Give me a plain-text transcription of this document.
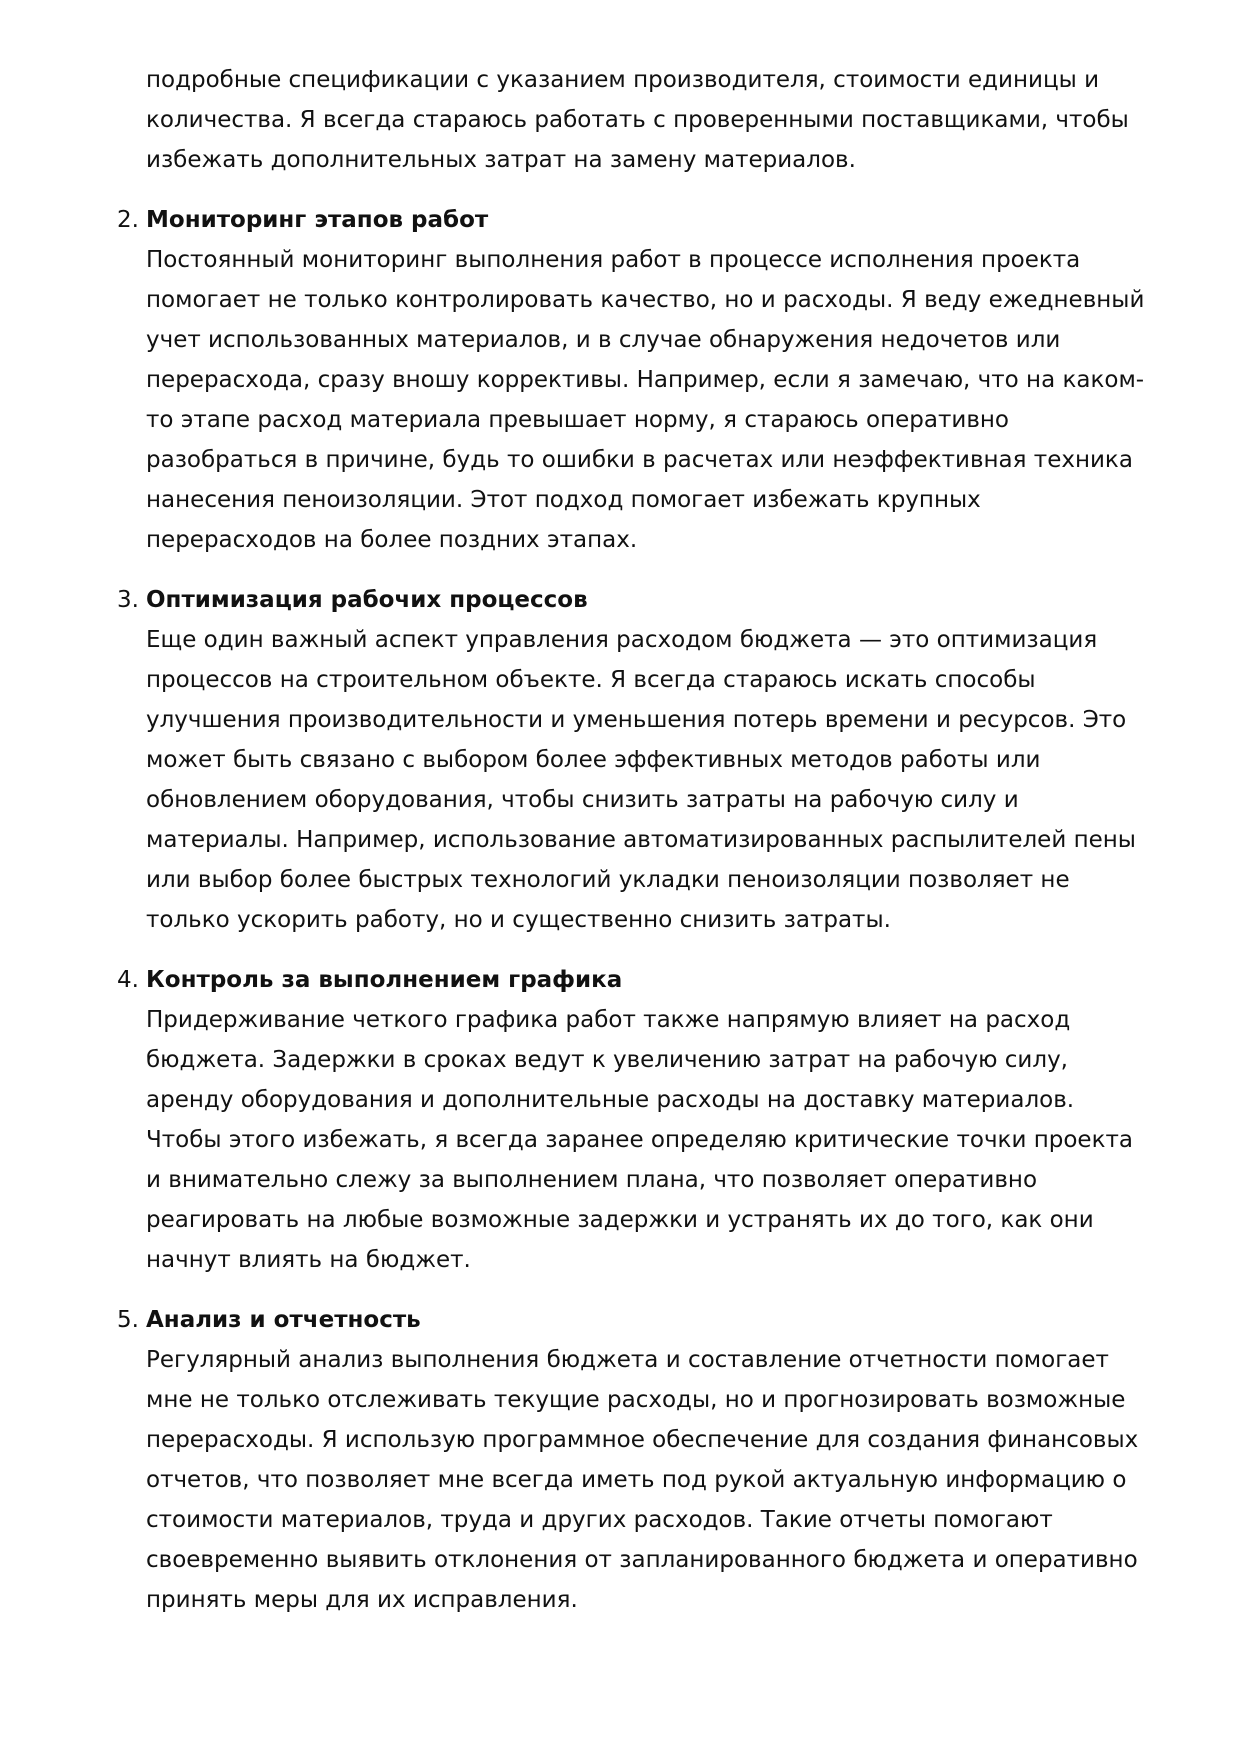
подробные спецификации с указанием производителя, стоимости единицы и количества. Я всегда стараюсь работать с проверенными поставщиками, чтобы избежать дополнительных затрат на замену материалов.

2. Мониторинг этапов работ
Постоянный мониторинг выполнения работ в процессе исполнения проекта помогает не только контролировать качество, но и расходы. Я веду ежедневный учет использованных материалов, и в случае обнаружения недочетов или перерасхода, сразу вношу коррективы. Например, если я замечаю, что на каком-то этапе расход материала превышает норму, я стараюсь оперативно разобраться в причине, будь то ошибки в расчетах или неэффективная техника нанесения пеноизоляции. Этот подход помогает избежать крупных перерасходов на более поздних этапах.
3. Оптимизация рабочих процессов
Еще один важный аспект управления расходом бюджета — это оптимизация процессов на строительном объекте. Я всегда стараюсь искать способы улучшения производительности и уменьшения потерь времени и ресурсов. Это может быть связано с выбором более эффективных методов работы или обновлением оборудования, чтобы снизить затраты на рабочую силу и материалы. Например, использование автоматизированных распылителей пены или выбор более быстрых технологий укладки пеноизоляции позволяет не только ускорить работу, но и существенно снизить затраты.
4. Контроль за выполнением графика
Придерживание четкого графика работ также напрямую влияет на расход бюджета. Задержки в сроках ведут к увеличению затрат на рабочую силу, аренду оборудования и дополнительные расходы на доставку материалов. Чтобы этого избежать, я всегда заранее определяю критические точки проекта и внимательно слежу за выполнением плана, что позволяет оперативно реагировать на любые возможные задержки и устранять их до того, как они начнут влиять на бюджет.
5. Анализ и отчетность
Регулярный анализ выполнения бюджета и составление отчетности помогает мне не только отслеживать текущие расходы, но и прогнозировать возможные перерасходы. Я использую программное обеспечение для создания финансовых отчетов, что позволяет мне всегда иметь под рукой актуальную информацию о стоимости материалов, труда и других расходов. Такие отчеты помогают своевременно выявить отклонения от запланированного бюджета и оперативно принять меры для их исправления.
